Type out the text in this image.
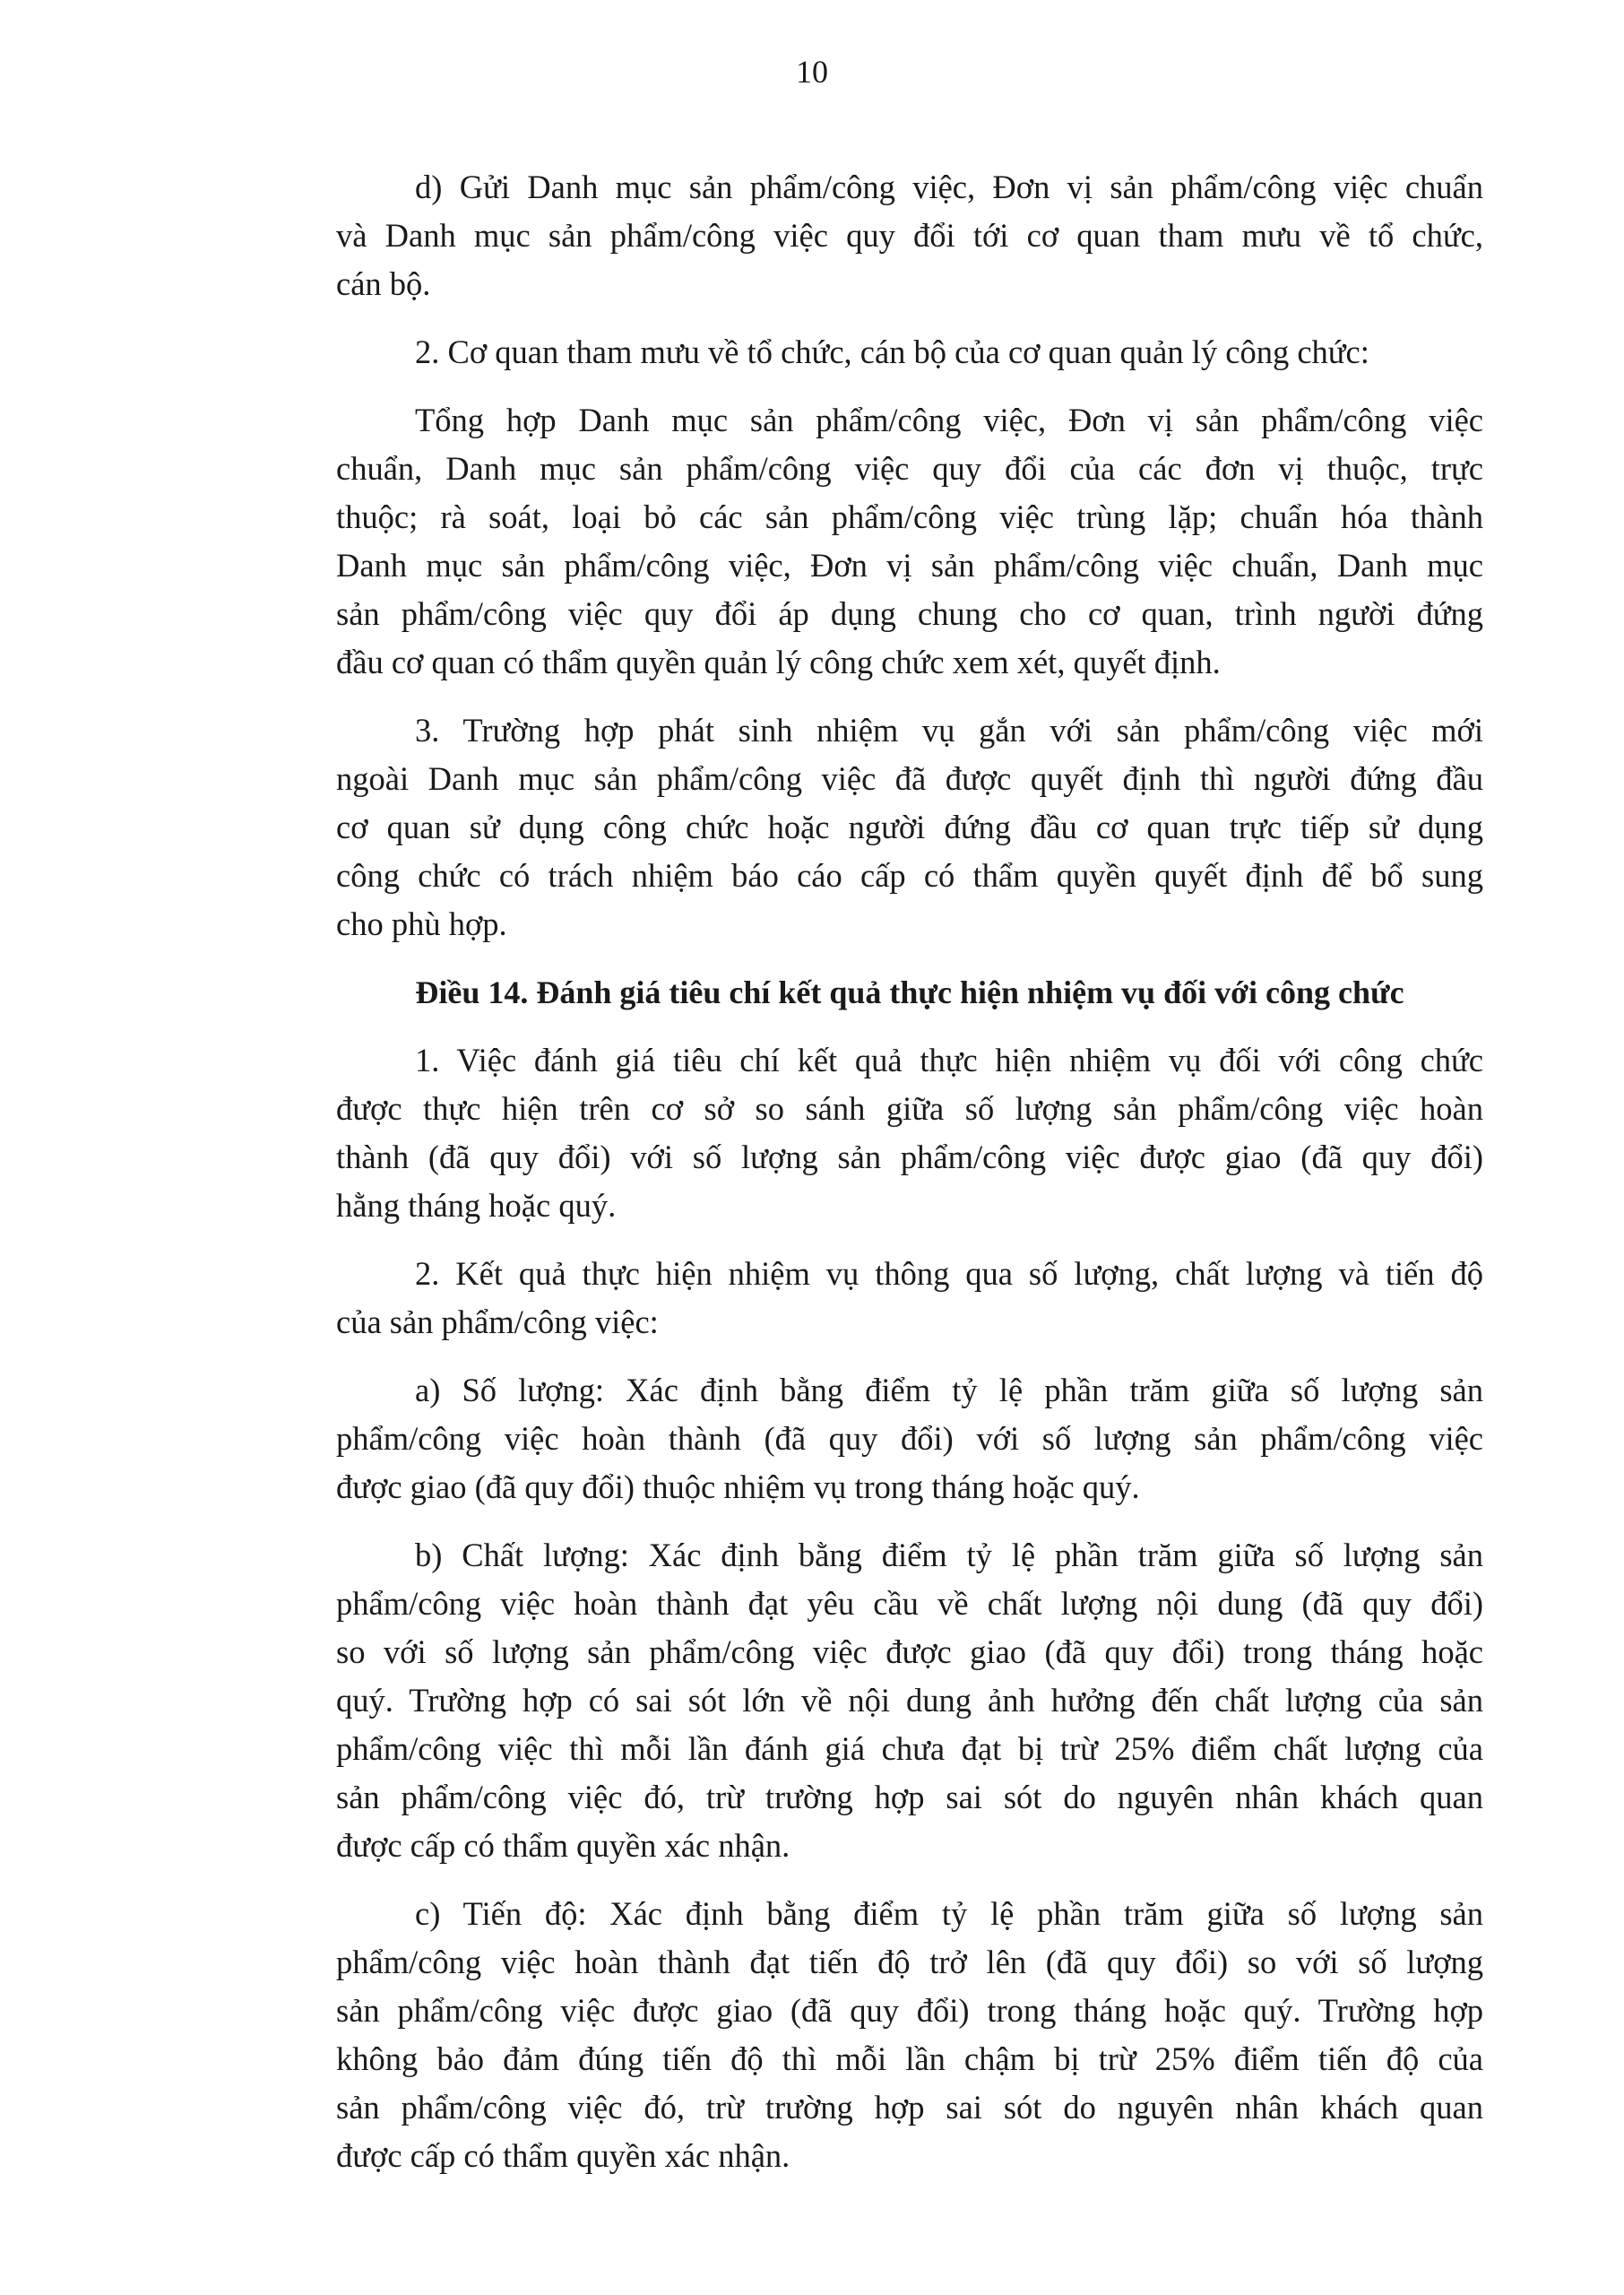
10
d) Gửi Danh mục sản phẩm/công việc, Đơn vị sản phẩm/công việc chuẩn
và Danh mục sản phẩm/công việc quy đổi tới cơ quan tham mưu về tổ chức,
cán bộ.
2. Cơ quan tham mưu về tổ chức, cán bộ của cơ quan quản lý công chức:
Tổng hợp Danh mục sản phẩm/công việc, Đơn vị sản phẩm/công việc
chuẩn, Danh mục sản phẩm/công việc quy đổi của các đơn vị thuộc, trực
thuộc; rà soát, loại bỏ các sản phẩm/công việc trùng lặp; chuẩn hóa thành
Danh mục sản phẩm/công việc, Đơn vị sản phẩm/công việc chuẩn, Danh mục
sản phẩm/công việc quy đổi áp dụng chung cho cơ quan, trình người đứng
đầu cơ quan có thẩm quyền quản lý công chức xem xét, quyết định.
3. Trường hợp phát sinh nhiệm vụ gắn với sản phẩm/công việc mới
ngoài Danh mục sản phẩm/công việc đã được quyết định thì người đứng đầu
cơ quan sử dụng công chức hoặc người đứng đầu cơ quan trực tiếp sử dụng
công chức có trách nhiệm báo cáo cấp có thẩm quyền quyết định để bổ sung
cho phù hợp.
Điều 14. Đánh giá tiêu chí kết quả thực hiện nhiệm vụ đối với công chức
1. Việc đánh giá tiêu chí kết quả thực hiện nhiệm vụ đối với công chức
được thực hiện trên cơ sở so sánh giữa số lượng sản phẩm/công việc hoàn
thành (đã quy đổi) với số lượng sản phẩm/công việc được giao (đã quy đổi)
hằng tháng hoặc quý.
2. Kết quả thực hiện nhiệm vụ thông qua số lượng, chất lượng và tiến độ
của sản phẩm/công việc:
a) Số lượng: Xác định bằng điểm tỷ lệ phần trăm giữa số lượng sản
phẩm/công việc hoàn thành (đã quy đổi) với số lượng sản phẩm/công việc
được giao (đã quy đổi) thuộc nhiệm vụ trong tháng hoặc quý.
b) Chất lượng: Xác định bằng điểm tỷ lệ phần trăm giữa số lượng sản
phẩm/công việc hoàn thành đạt yêu cầu về chất lượng nội dung (đã quy đổi)
so với số lượng sản phẩm/công việc được giao (đã quy đổi) trong tháng hoặc
quý. Trường hợp có sai sót lớn về nội dung ảnh hưởng đến chất lượng của sản
phẩm/công việc thì mỗi lần đánh giá chưa đạt bị trừ 25% điểm chất lượng của
sản phẩm/công việc đó, trừ trường hợp sai sót do nguyên nhân khách quan
được cấp có thẩm quyền xác nhận.
c) Tiến độ: Xác định bằng điểm tỷ lệ phần trăm giữa số lượng sản
phẩm/công việc hoàn thành đạt tiến độ trở lên (đã quy đổi) so với số lượng
sản phẩm/công việc được giao (đã quy đổi) trong tháng hoặc quý. Trường hợp
không bảo đảm đúng tiến độ thì mỗi lần chậm bị trừ 25% điểm tiến độ của
sản phẩm/công việc đó, trừ trường hợp sai sót do nguyên nhân khách quan
được cấp có thẩm quyền xác nhận.
